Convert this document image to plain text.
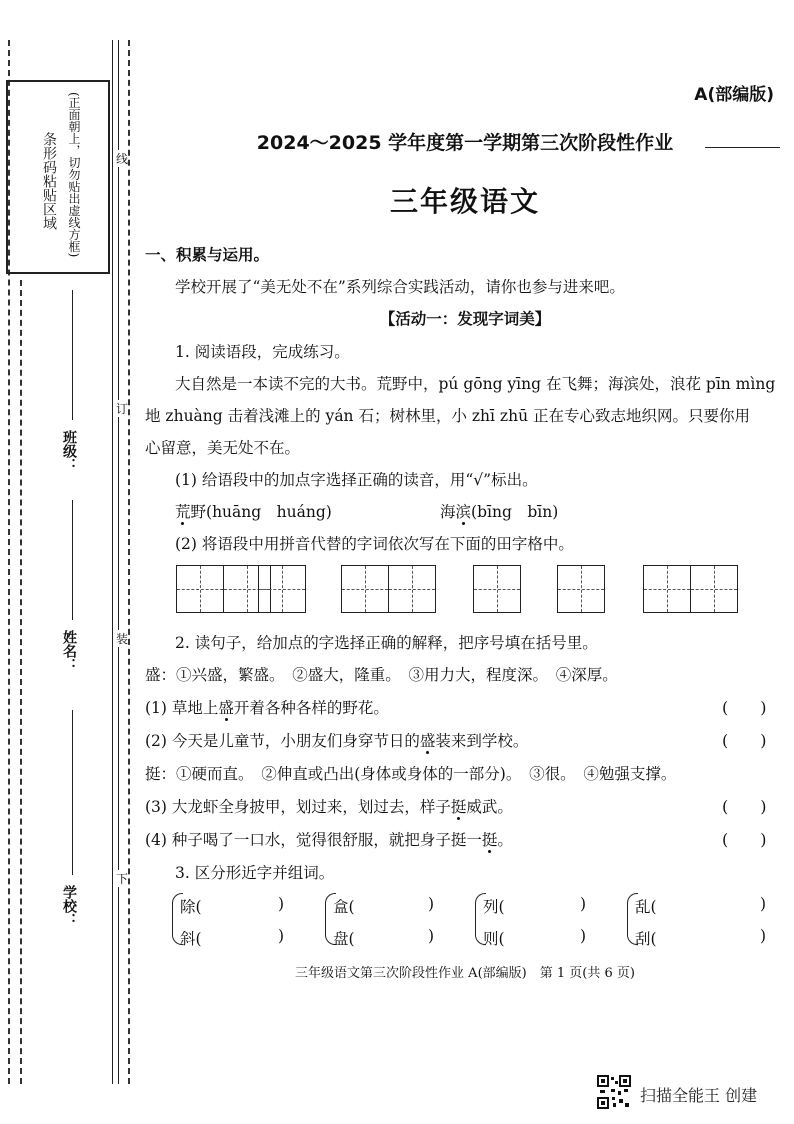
(正面朝上，切勿贴出虚线方框)
条形码粘贴区域	线
订
装
下
班级：
姓名：
学校：
A(部编版)
2024～2025 学年度第一学期第三次阶段性作业
三年级语文
一、积累与运用。
学校开展了“美无处不在”系列综合实践活动，请你也参与进来吧。
【活动一：发现字词美】
1. 阅读语段，完成练习。
大自然是一本读不完的大书。荒野中，pú gōng yīng 在飞舞；海滨处，浪花 pīn mìng
地 zhuàng 击着浅滩上的 yán 石；树林里，小 zhī zhū 正在专心致志地织网。只要你用
心留意，美无处不在。
(1) 给语段中的加点字选择正确的读音，用“√”标出。
荒野(huāng　huáng)	海滨(bīng　bīn)
(2) 将语段中用拼音代替的字词依次写在下面的田字格中。
2. 读句子，给加点的字选择正确的解释，把序号填在括号里。
盛：①兴盛，繁盛。　②盛大，隆重。　③用力大，程度深。　④深厚。
(1) 草地上盛开着各种各样的野花。	(　　)
(2) 今天是儿童节，小朋友们身穿节日的盛装来到学校。	(　　)
挺：①硬而直。　②伸直或凸出(身体或身体的一部分)。　③很。　④勉强支撑。
(3) 大龙虾全身披甲，划过来，划过去，样子挺威武。	(　　)
(4) 种子喝了一口水，觉得很舒服，就把身子挺一挺。	(　　)
3. 区分形近字并组词。
除(	)
斜(	)
盒(	)
盘(	)
列(	)
则(	)
乱(	)
刮(	)
三年级语文第三次阶段性作业 A(部编版)　第 1 页(共 6 页)
扫描全能王 创建
